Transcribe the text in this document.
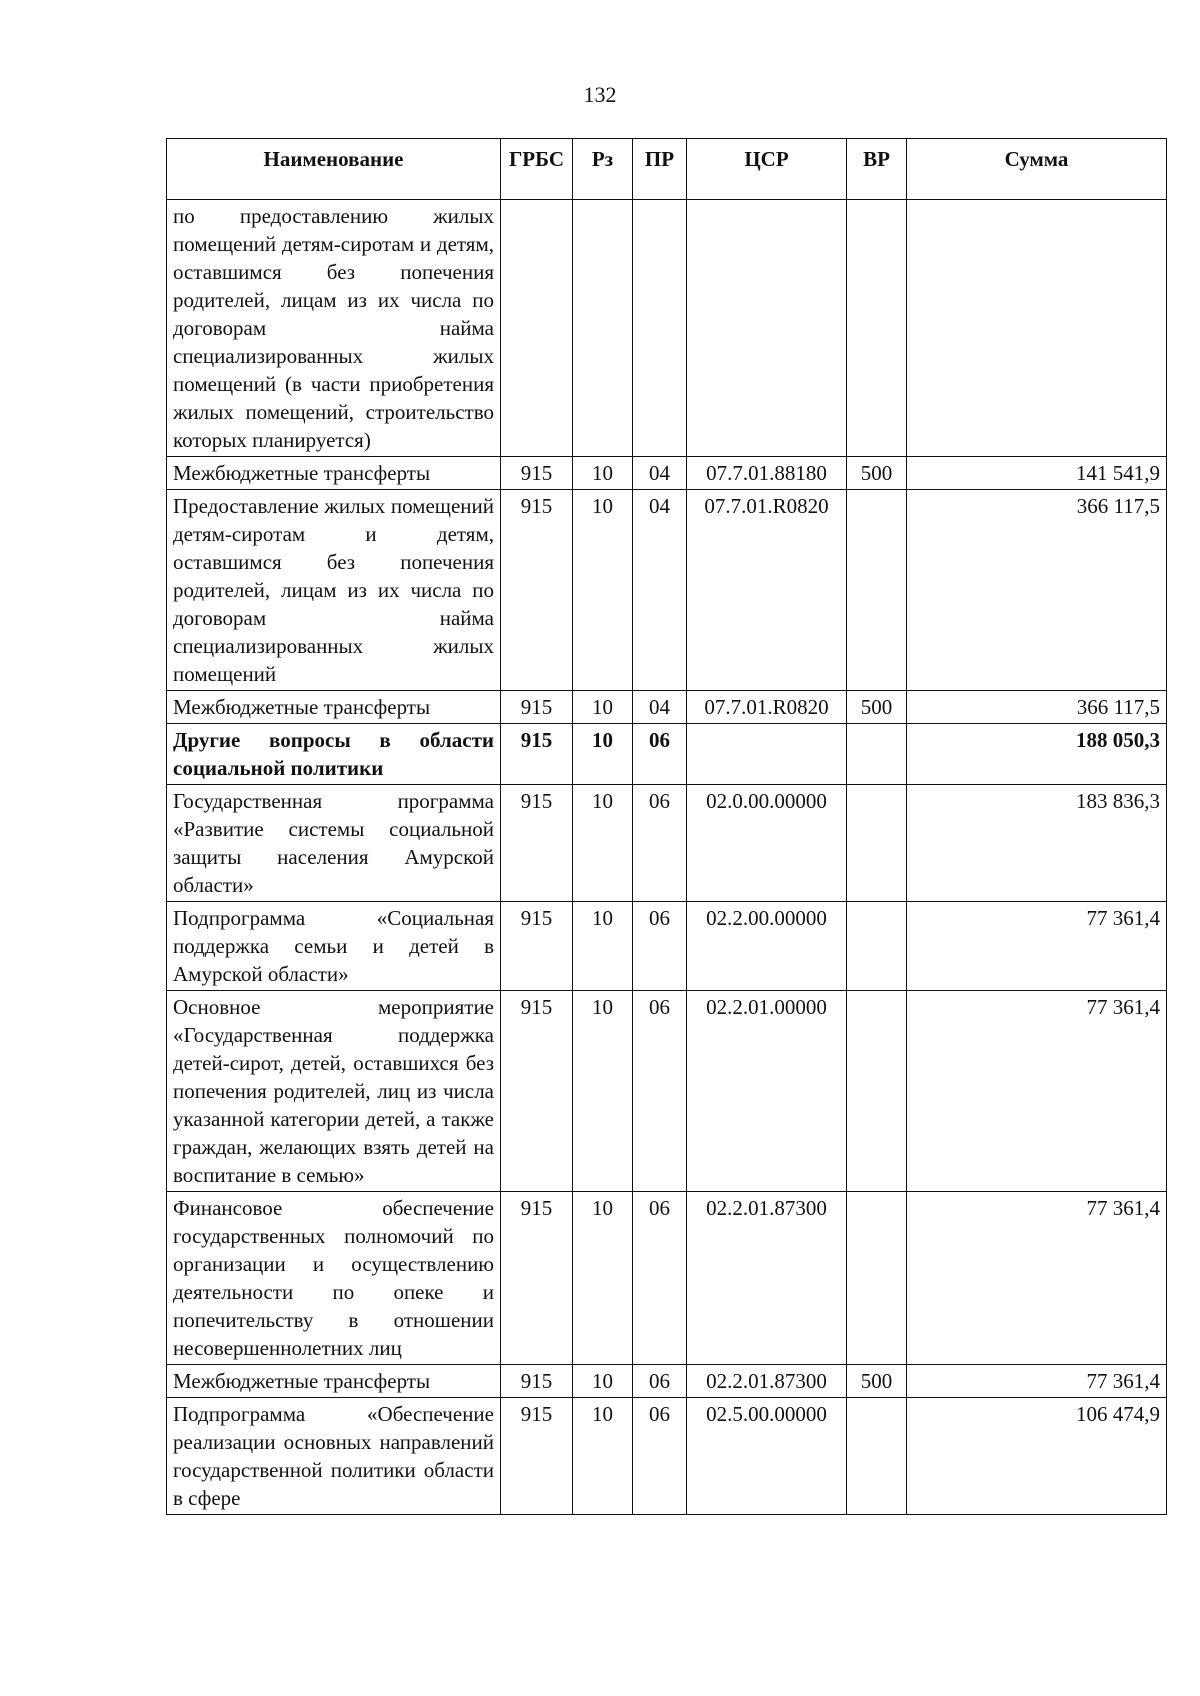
132
Наименование	ГРБС	Рз	ПР	ЦСР	ВР	Сумма
по предоставлению жилых помещений детям-сиротам и детям, оставшимся без попечения родителей, лицам из их числа по договорам найма специализированных жилых помещений (в части приобретения жилых помещений, строительство которых планируется)						
Межбюджетные трансферты	915	10	04	07.7.01.88180	500	141 541,9
Предоставление жилых помещений детям-сиротам и детям, оставшимся без попечения родителей, лицам из их числа по договорам найма специализированных жилых помещений	915	10	04	07.7.01.R0820		366 117,5
Межбюджетные трансферты	915	10	04	07.7.01.R0820	500	366 117,5
Другие вопросы в области социальной политики	915	10	06			188 050,3
Государственная программа «Развитие системы социальной защиты населения Амурской области»	915	10	06	02.0.00.00000		183 836,3
Подпрограмма «Социальная поддержка семьи и детей в Амурской области»	915	10	06	02.2.00.00000		77 361,4
Основное мероприятие «Государственная поддержка детей-сирот, детей, оставшихся без попечения родителей, лиц из числа указанной категории детей, а также граждан, желающих взять детей на воспитание в семью»	915	10	06	02.2.01.00000		77 361,4
Финансовое обеспечение государственных полномочий по организации и осуществлению деятельности по опеке и попечительству в отношении несовершеннолетних лиц	915	10	06	02.2.01.87300		77 361,4
Межбюджетные трансферты	915	10	06	02.2.01.87300	500	77 361,4
Подпрограмма «Обеспечение реализации основных направлений государственной политики области в сфере	915	10	06	02.5.00.00000		106 474,9
